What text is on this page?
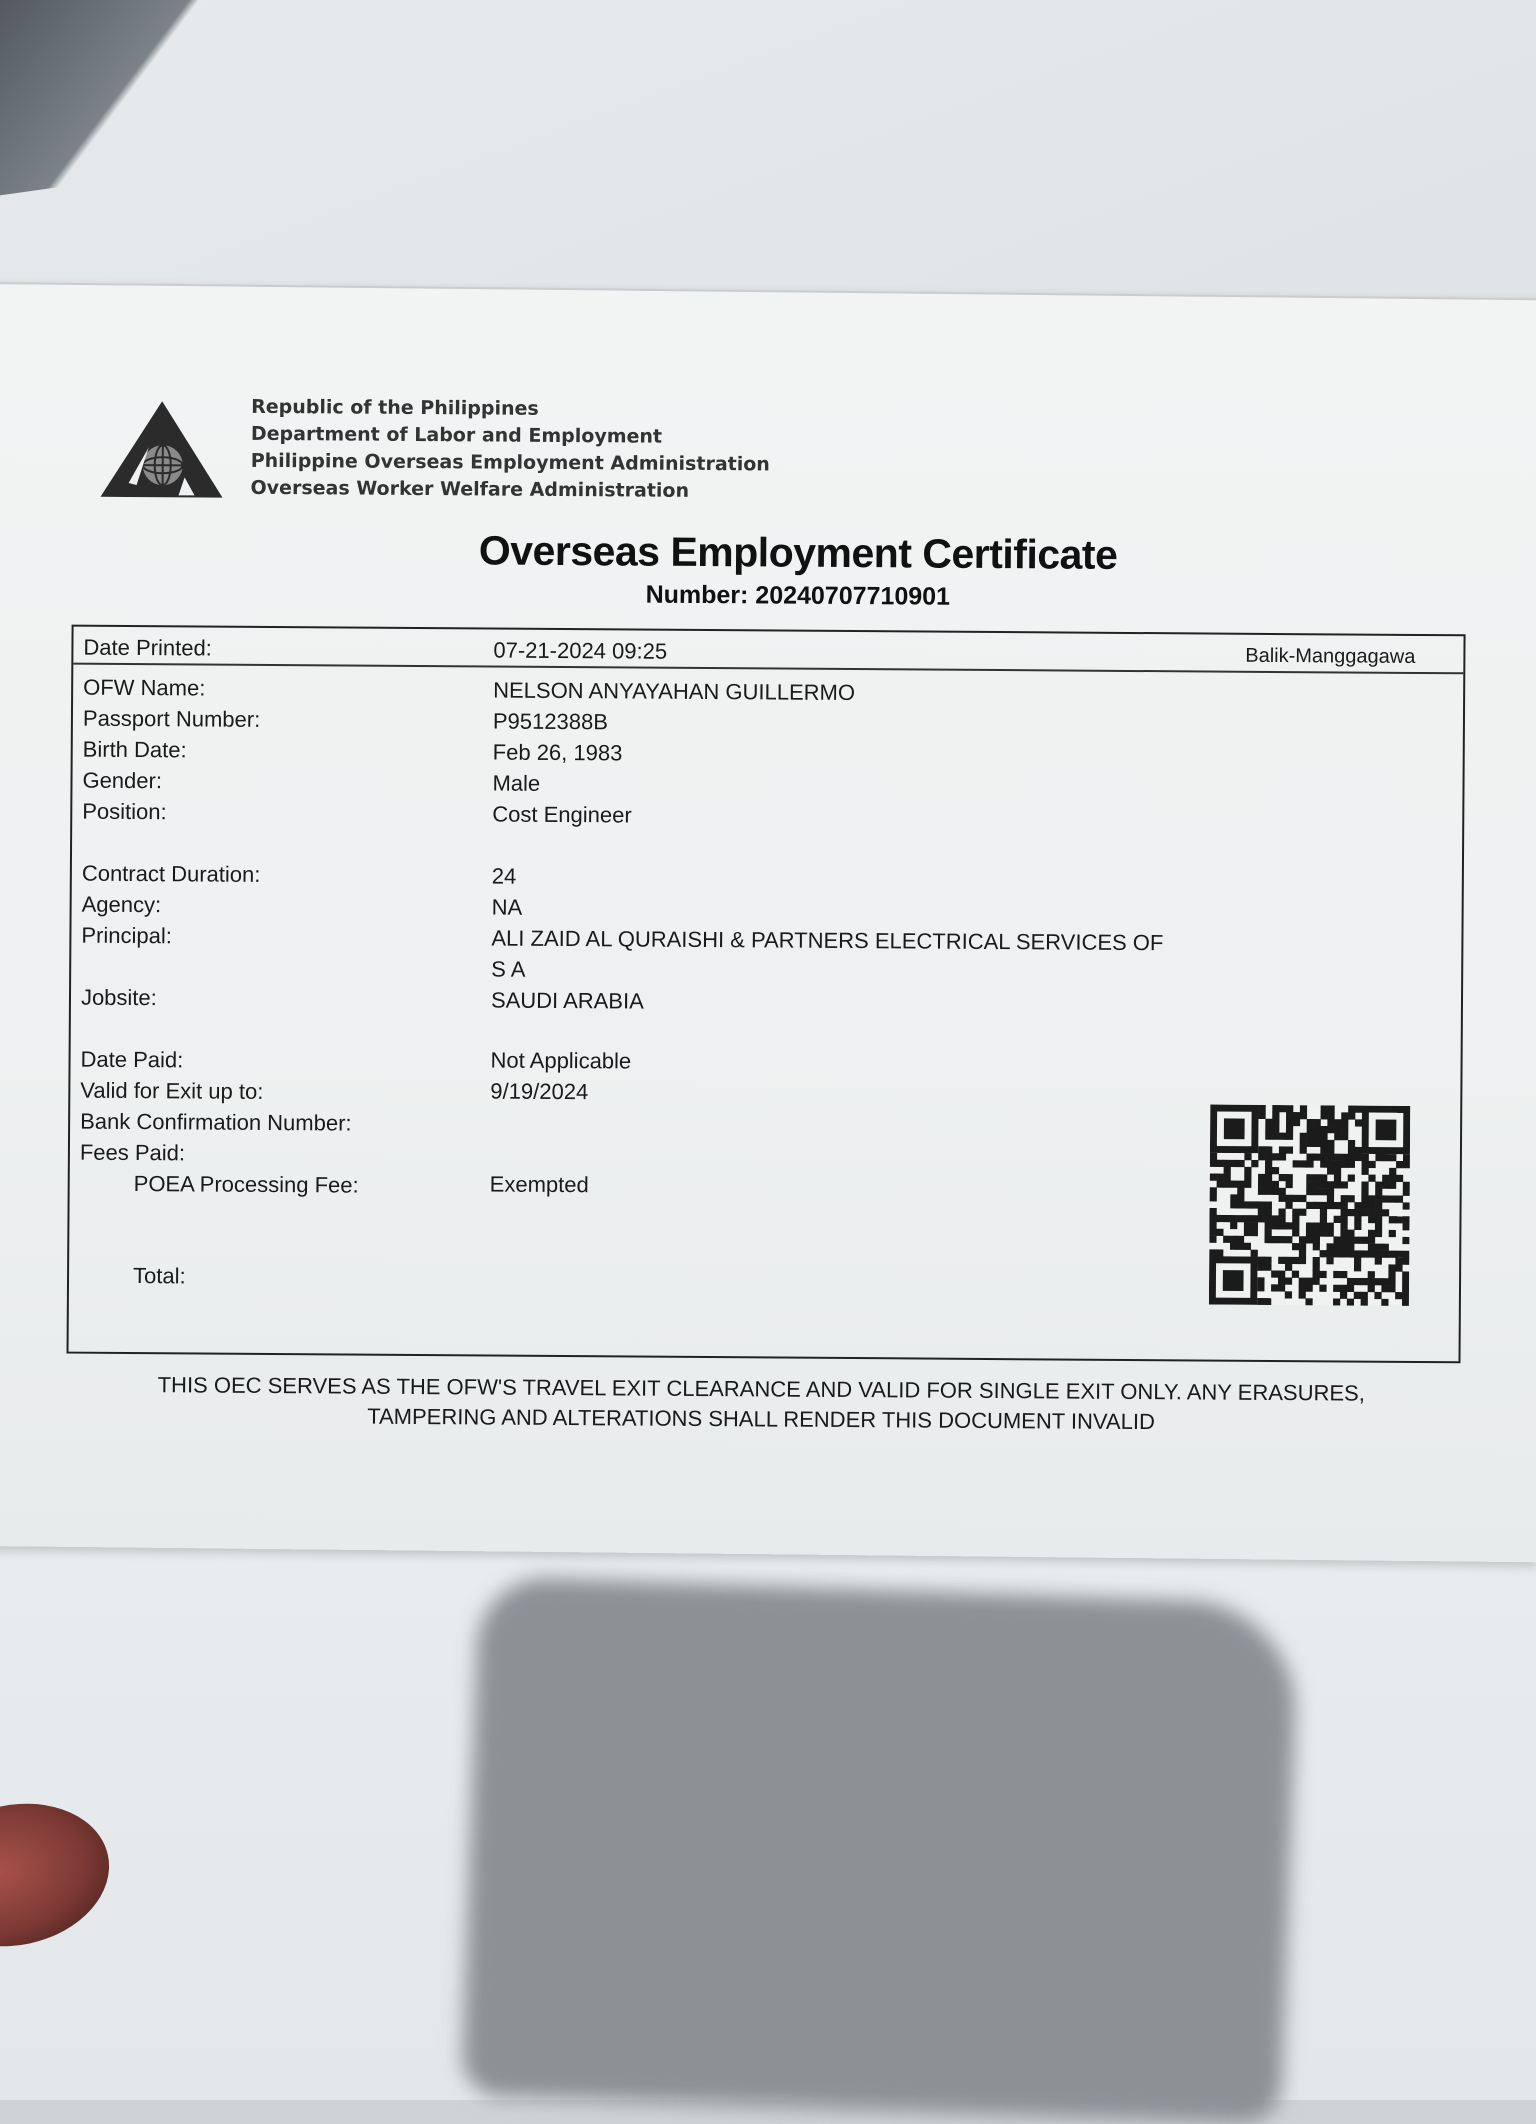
Republic of the Philippines
Department of Labor and Employment
Philippine Overseas Employment Administration
Overseas Worker Welfare Administration
Overseas Employment Certificate
Number: 20240707710901
Date Printed:	07-21-2024 09:25	Balik-Manggagawa
OFW Name:	NELSON ANYAYAHAN GUILLERMO
Passport Number:	P9512388B
Birth Date:	Feb 26, 1983
Gender:	Male
Position:	Cost Engineer
Contract Duration:	24
Agency:	NA
Principal:	ALI ZAID AL QURAISHI & PARTNERS ELECTRICAL SERVICES OF
S A
Jobsite:	SAUDI ARABIA
Date Paid:	Not Applicable
Valid for Exit up to:	9/19/2024
Bank Confirmation Number:
Fees Paid:
POEA Processing Fee:	Exempted
Total:
THIS OEC SERVES AS THE OFW'S TRAVEL EXIT CLEARANCE AND VALID FOR SINGLE EXIT ONLY. ANY ERASURES,
TAMPERING AND ALTERATIONS SHALL RENDER THIS DOCUMENT INVALID
